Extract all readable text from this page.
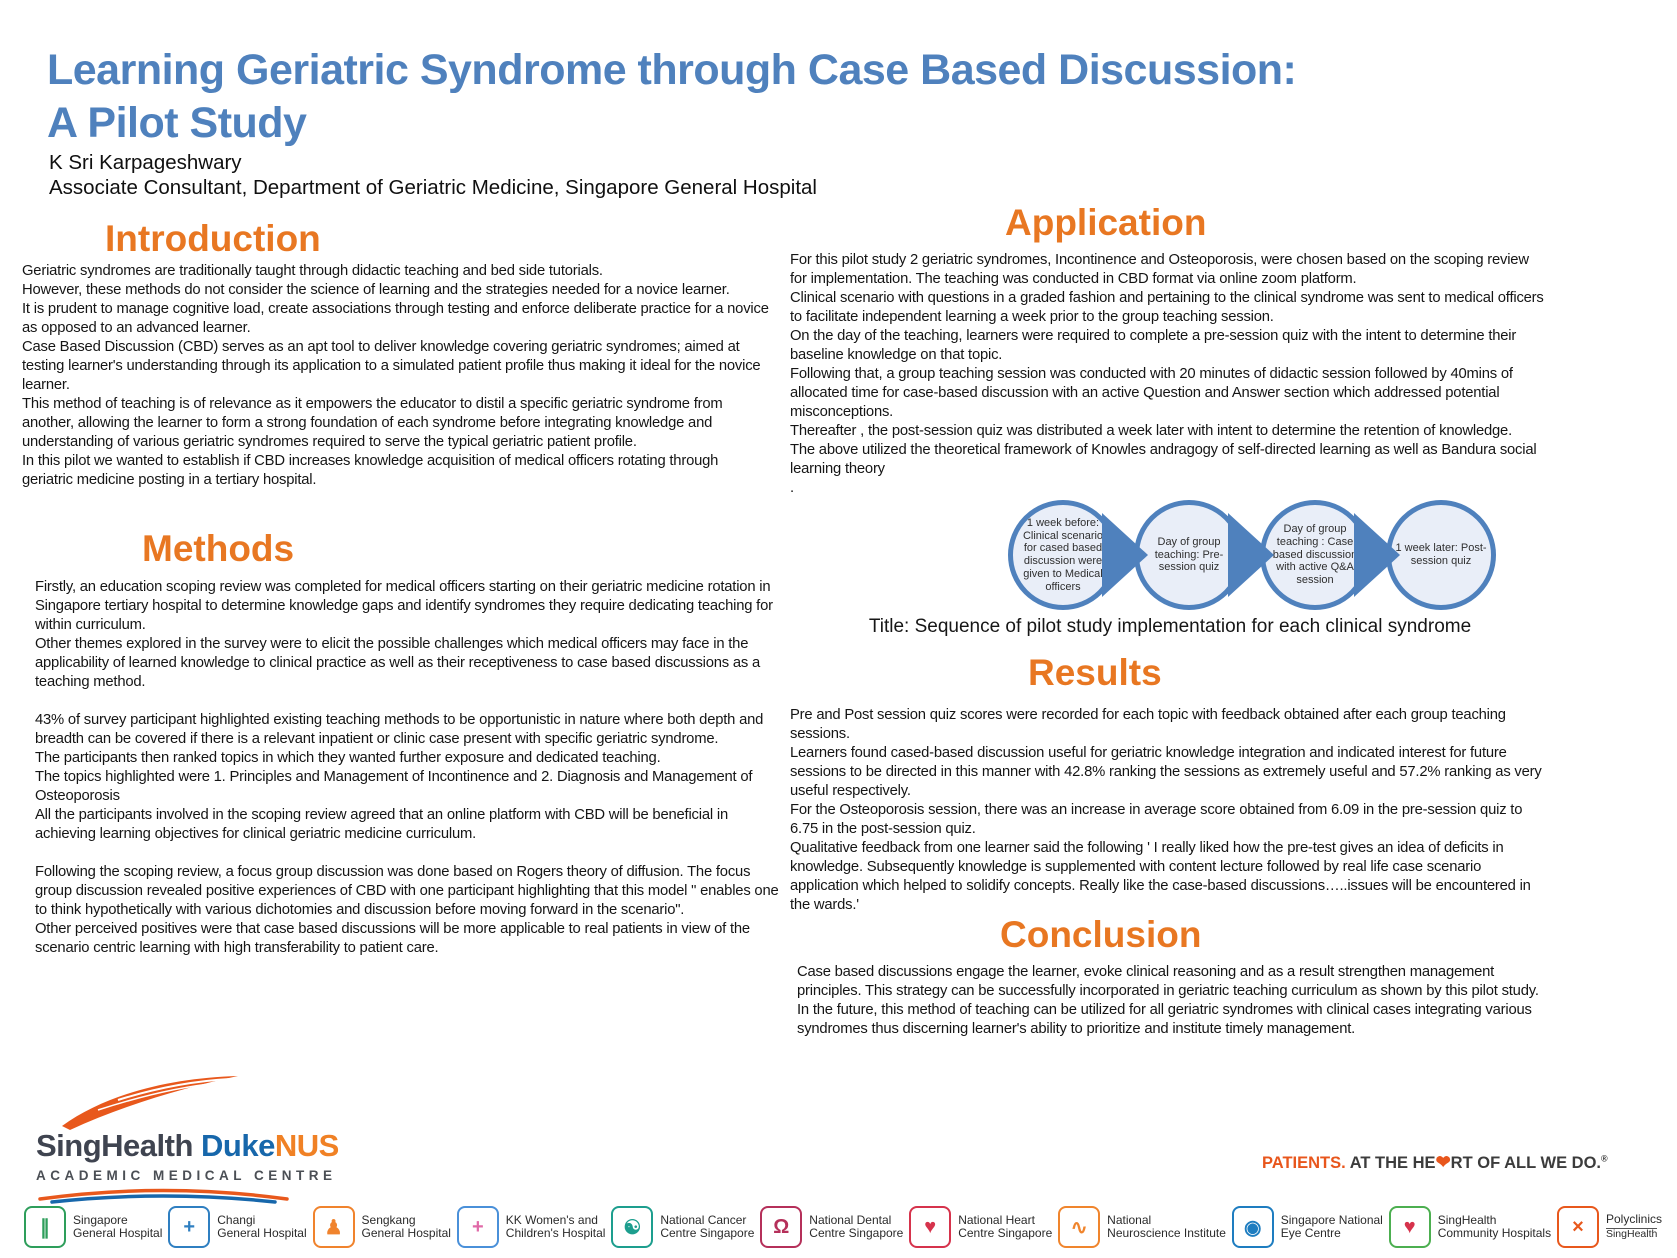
Learning Geriatric Syndrome through Case Based Discussion:
A Pilot Study
K Sri Karpageshwary
Associate Consultant, Department of Geriatric Medicine, Singapore General Hospital
Introduction
Methods
Application
Results
Conclusion

Geriatric syndromes are traditionally taught through didactic teaching and bed side tutorials.

However, these methods do not consider the science of learning and the strategies needed for a novice learner.

It is prudent to manage cognitive load, create associations through testing and enforce deliberate practice for a novice as opposed to an advanced learner.

Case Based Discussion (CBD) serves as an apt tool to deliver knowledge covering geriatric syndromes; aimed at testing learner's understanding through its application to a simulated patient profile thus making it ideal for the novice learner.

This method of teaching is of relevance as it empowers the educator to distil a specific geriatric syndrome from another, allowing the learner to form a strong foundation of each syndrome before integrating knowledge and understanding of various geriatric syndromes required to serve the typical geriatric patient profile.

In this pilot we wanted to establish if CBD increases knowledge acquisition of medical officers rotating through geriatric medicine posting in a tertiary hospital.

Firstly, an education scoping review was completed for medical officers starting on their geriatric medicine rotation in Singapore tertiary hospital to determine knowledge gaps and identify syndromes they require dedicating teaching for within curriculum.

Other themes explored in the survey were to elicit the possible challenges which medical officers may face in the applicability of learned knowledge to clinical practice as well as their receptiveness to case based discussions as a teaching method.

43% of survey participant highlighted existing teaching methods to be opportunistic in nature where both depth and breadth can be covered if there is a relevant inpatient or clinic case present with specific geriatric syndrome.

The participants then ranked topics in which they wanted further exposure and dedicated teaching.

The topics highlighted were 1. Principles and Management of Incontinence and 2. Diagnosis and Management of Osteoporosis

All the participants involved in the scoping review agreed that an online platform with CBD will be beneficial in achieving learning objectives for clinical geriatric medicine curriculum.

Following the scoping review, a focus group discussion was done based on Rogers theory of diffusion. The focus group discussion revealed positive experiences of CBD with one participant highlighting that this model " enables one to think hypothetically with various dichotomies and discussion before moving forward in the scenario".

Other perceived positives were that case based discussions will be more applicable to real patients in view of the scenario centric learning with high transferability to patient care.

For this pilot study 2 geriatric syndromes, Incontinence and Osteoporosis, were chosen based on the scoping review for implementation. The teaching was conducted in CBD format via online zoom platform.

Clinical scenario with questions in a graded fashion and pertaining to the clinical syndrome was sent to medical officers to facilitate independent learning a week prior to the group teaching session.

On the day of the teaching, learners were required to complete a pre-session quiz with the intent to determine their baseline knowledge on that topic.

Following that, a group teaching session was conducted with 20 minutes of didactic session followed by 40mins of allocated time for case-based discussion with an active Question and Answer section which addressed potential misconceptions.

Thereafter , the post-session quiz was distributed a week later with intent to determine the retention of knowledge.

The above utilized the theoretical framework of Knowles andragogy of self-directed learning as well as Bandura social learning theory

.

Pre and Post session quiz scores were recorded for each topic with feedback obtained after each group teaching sessions.

Learners found cased-based discussion useful for geriatric knowledge integration and indicated interest for future sessions to be directed in this manner with 42.8% ranking the sessions as extremely useful and 57.2% ranking as very useful respectively.

For the Osteoporosis session, there was an increase in average score obtained from 6.09 in the pre-session quiz to 6.75 in the post-session quiz.

Qualitative feedback from one learner said the following ' I really liked how the pre-test gives an idea of deficits in knowledge. Subsequently knowledge is supplemented with content lecture followed by real life case scenario application which helped to solidify concepts. Really like the case-based discussions…..issues will be encountered in the wards.'

Case based discussions engage the learner, evoke clinical reasoning and as a result strengthen management principles. This strategy can be successfully incorporated in geriatric teaching curriculum as shown by this pilot study.

In the future, this method of teaching can be utilized for all geriatric syndromes with clinical cases integrating various syndromes thus discerning learner's ability to prioritize and institute timely management.

1 week before: Clinical scenario for cased based discussion were given to Medical officers
Day of group teaching: Pre-session quiz
Day of group teaching : Case based discussion with active Q&A session
1 week later: Post-session quiz
Title: Sequence of pilot study implementation for each clinical syndrome
SingHealth DukeNUS
ACADEMIC MEDICAL CENTRE
PATIENTS. AT THE HE❤RT OF ALL WE DO.®
∥ Singapore
General Hospital + Changi
General Hospital ♟ Sengkang
General Hospital + KK Women's and
Children's Hospital ☯ National Cancer
Centre Singapore Ω National Dental
Centre Singapore ♥ National Heart
Centre Singapore ∿ National
Neuroscience Institute ◉ Singapore National
Eye Centre	♥ SingHealth
Community Hospitals × Polyclinics
SingHealth
